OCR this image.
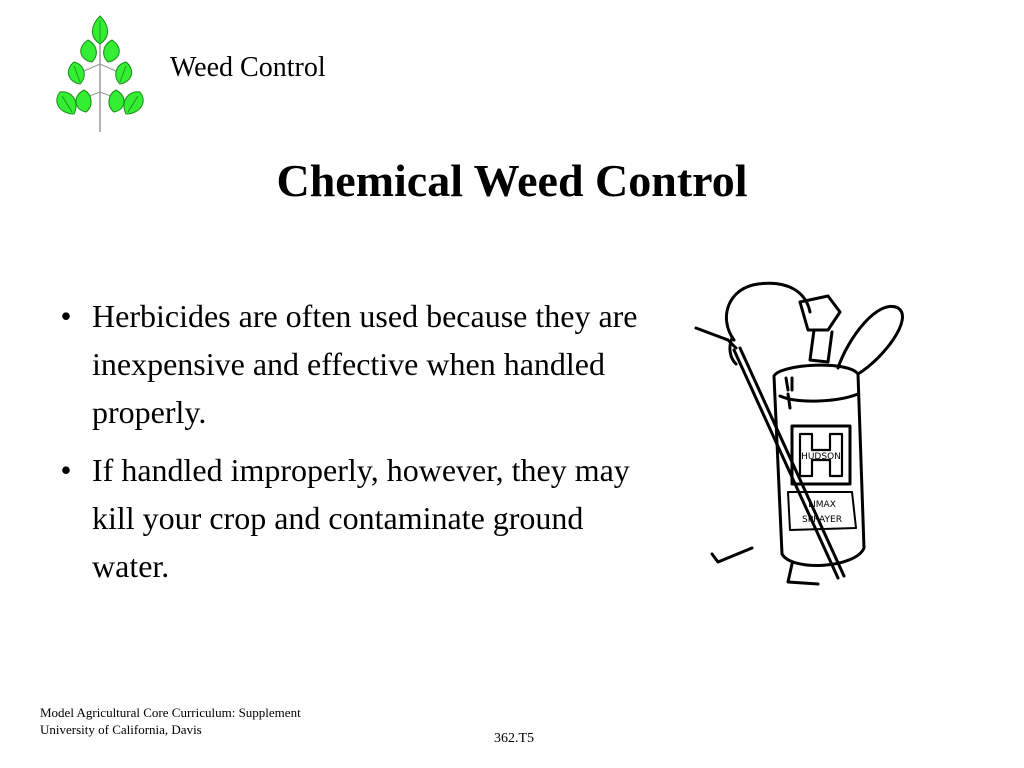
Weed Control
Chemical Weed Control
• Herbicides are often used because they are inexpensive and effective when handled properly.
• If handled improperly, however, they may kill your crop and contaminate ground water.
HUDSON
LIMAX
SPRAYER
Model Agricultural Core Curriculum: Supplement
University of California, Davis
362.T5
